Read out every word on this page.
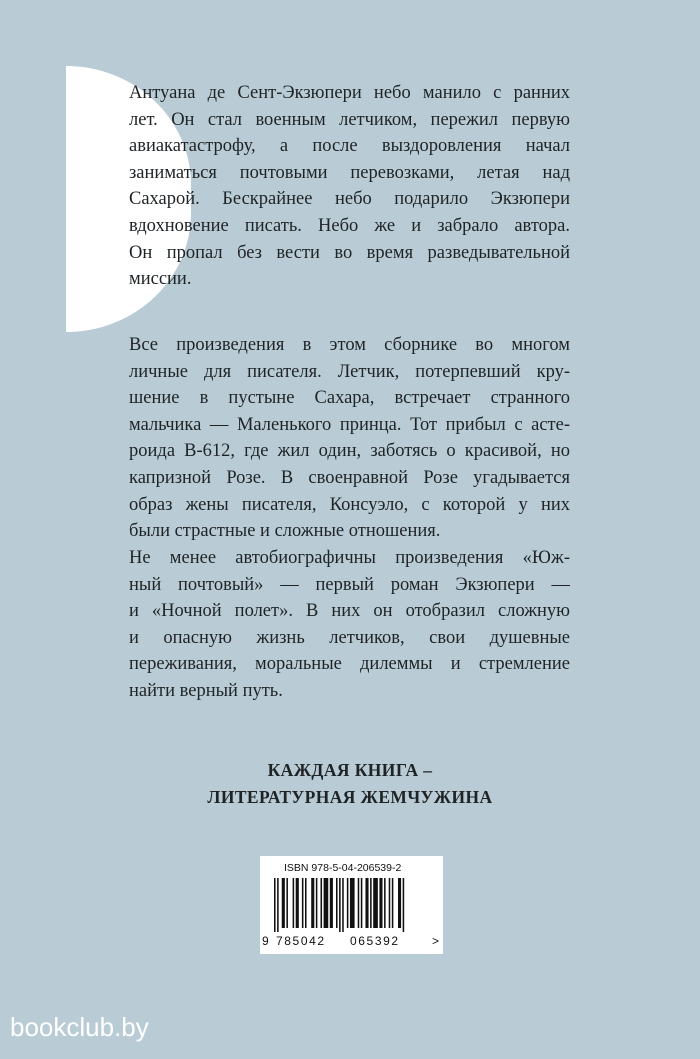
Антуана де Сент-Экзюпери небо манило с ранних
лет. Он стал военным летчиком, пережил первую
авиакатастрофу, а после выздоровления начал
заниматься почтовыми перевозками, летая над
Сахарой. Бескрайнее небо подарило Экзюпери
вдохновение писать. Небо же и забрало автора.
Он пропал без вести во время разведывательной
миссии.
Все произведения в этом сборнике во многом
личные для писателя. Летчик, потерпевший кру-
шение в пустыне Сахара, встречает странного
мальчика — Маленького принца. Тот прибыл с асте-
роида B-612, где жил один, заботясь о красивой, но
капризной Розе. В своенравной Розе угадывается
образ жены писателя, Консуэло, с которой у них
были страстные и сложные отношения.
Не менее автобиографичны произведения «Юж-
ный почтовый» — первый роман Экзюпери —
и «Ночной полет». В них он отобразил сложную
и опасную жизнь летчиков, свои душевные
переживания, моральные дилеммы и стремление
найти верный путь.

КАЖДАЯ КНИГА –

ЛИТЕРАТУРНАЯ ЖЕМЧУЖИНА

ISBN 978-5-04-206539-2
9 785042 065392	>
bookclub.by
